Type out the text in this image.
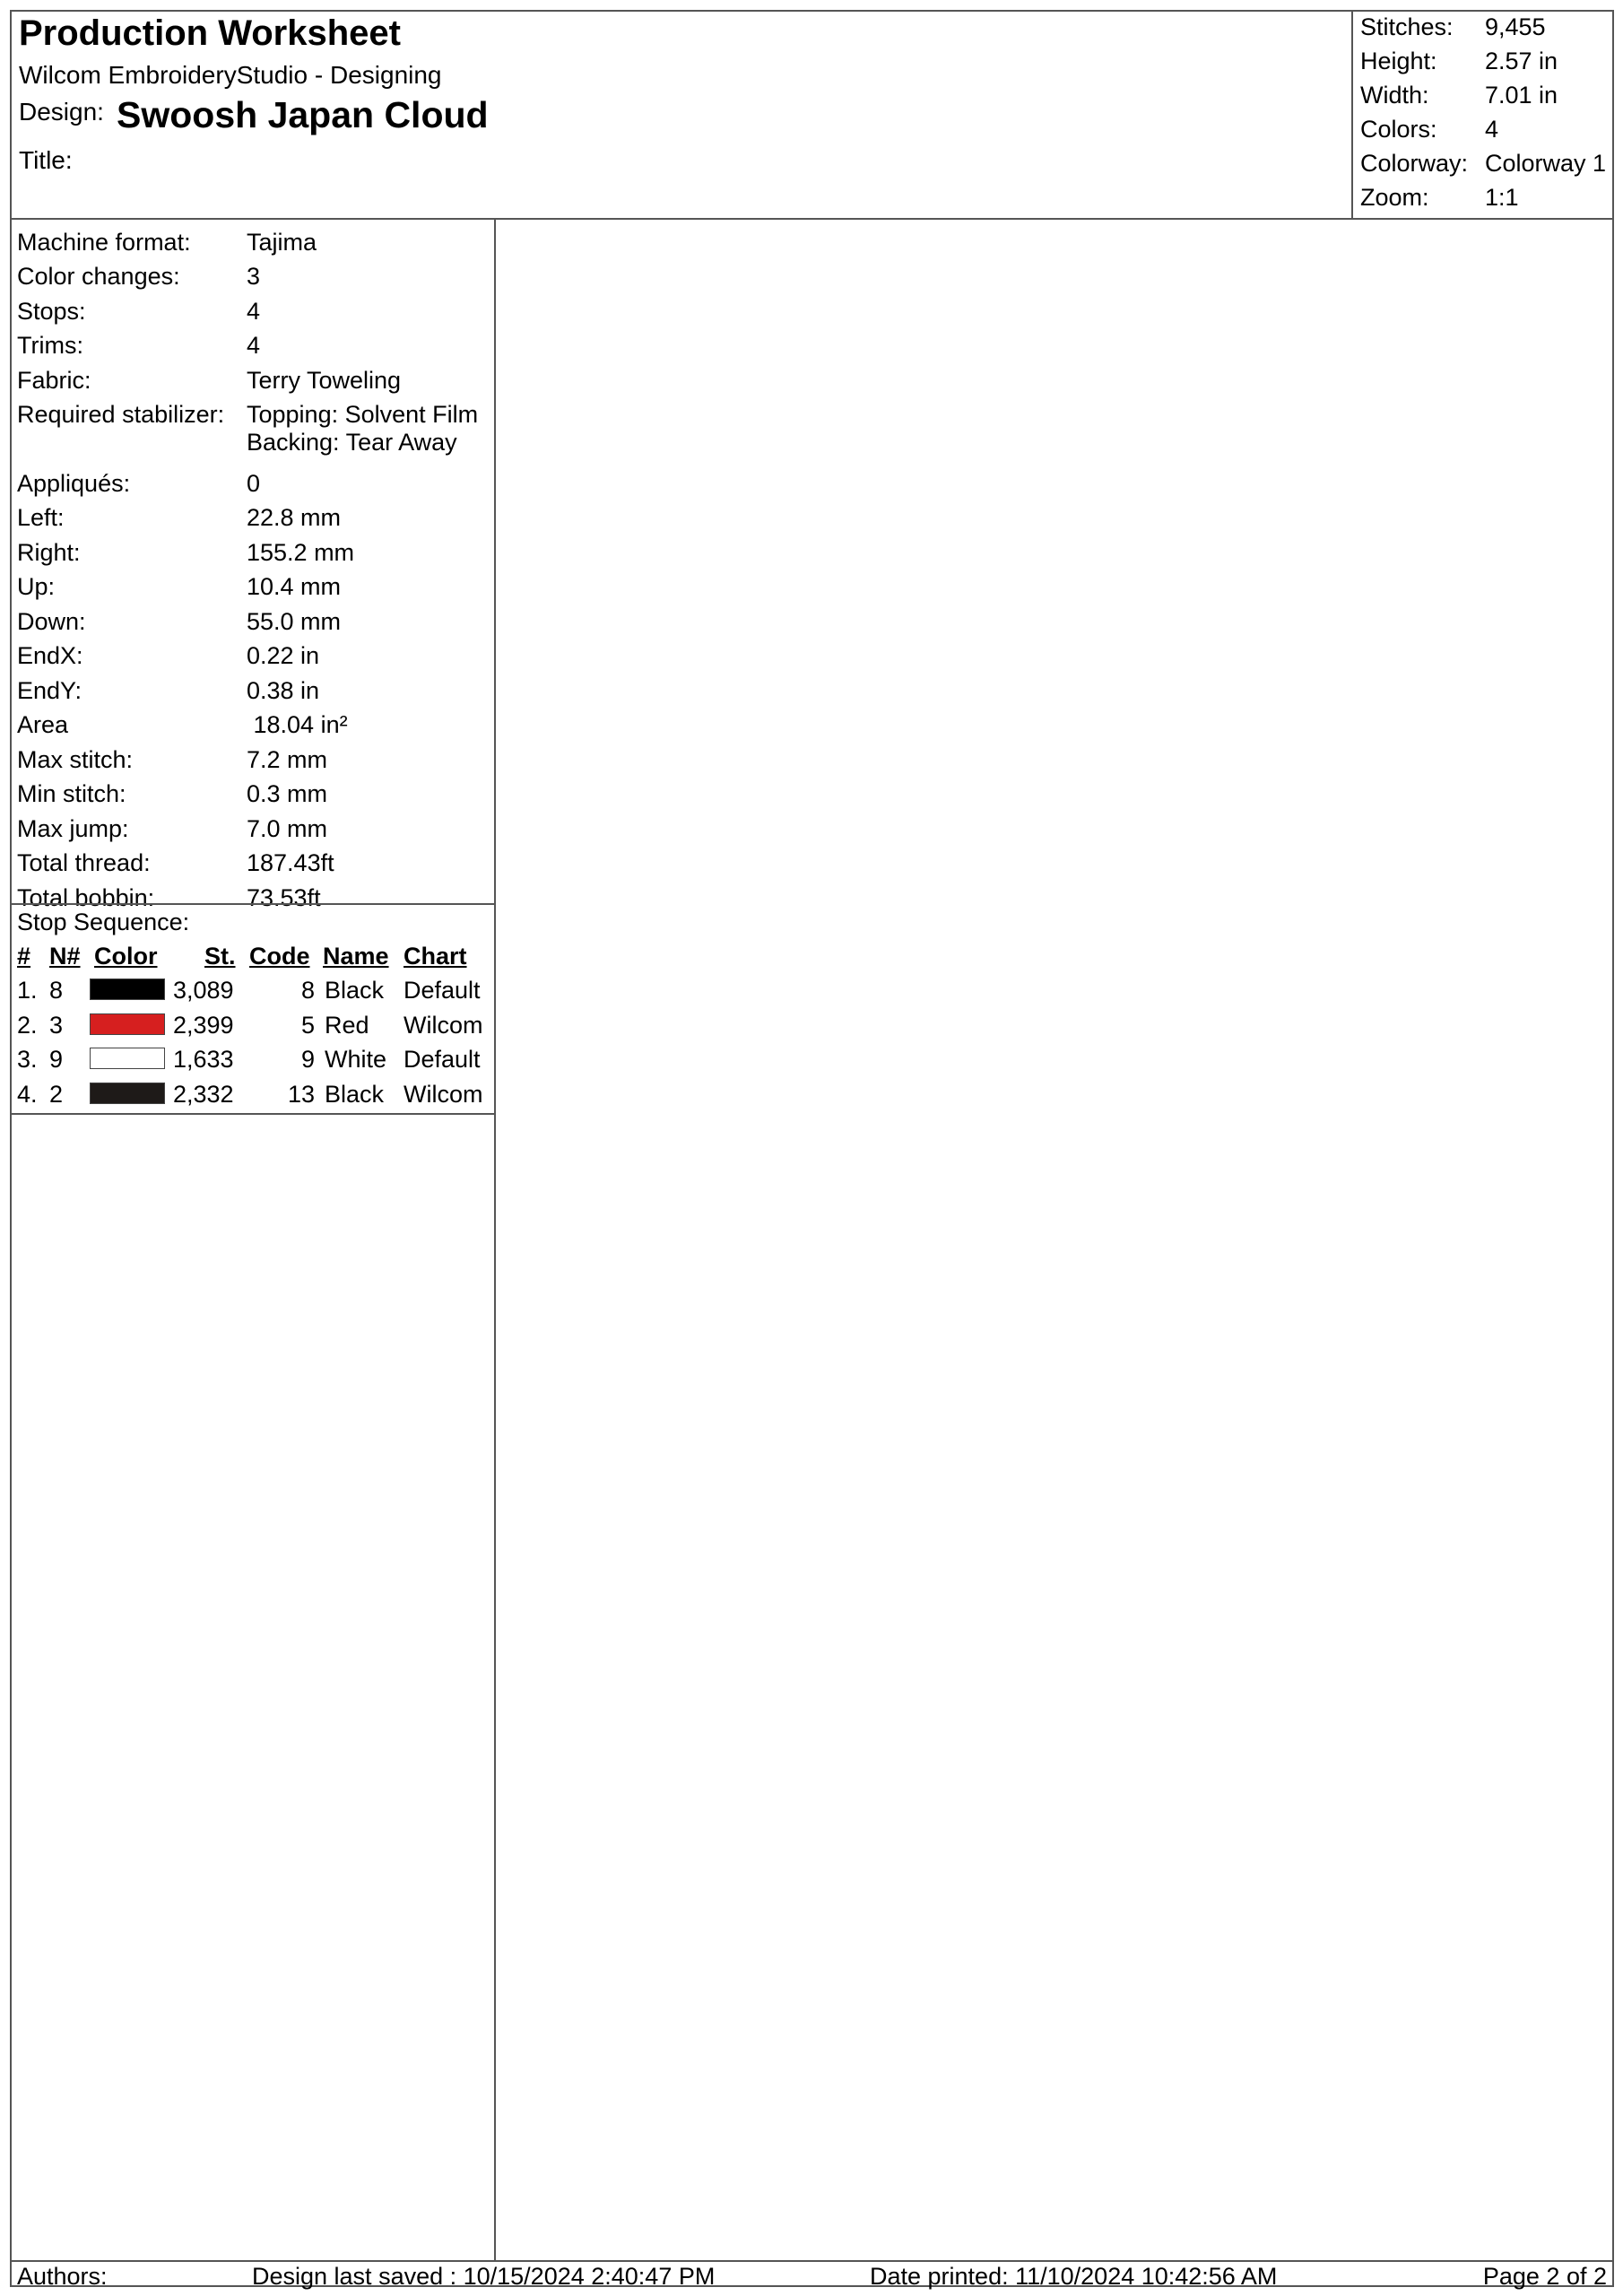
Production Worksheet
Wilcom EmbroideryStudio - Designing
Design: Swoosh Japan Cloud
Title:
Stitches: 9,455
Height: 2.57 in
Width: 7.01 in
Colors: 4
Colorway: Colorway 1
Zoom: 1:1
Machine format:	Tajima
Color changes:	3
Stops:	4
Trims:	4
Fabric:	Terry Toweling
Required stabilizer: Topping: Solvent Film
Backing: Tear Away
Appliqués:	0
Left:	22.8 mm
Right:	155.2 mm
Up:	10.4 mm
Down:	55.0 mm
EndX:	0.22 in
EndY:	0.38 in
Area	18.04 in²
Max stitch:	7.2 mm
Min stitch:	0.3 mm
Max jump:	7.0 mm
Total thread:	187.43ft
Total bobbin:	73.53ft
Stop Sequence:
# N# Color St. Code Name Chart
1. 8	3,089	8 Black Default
2. 3	2,399	5 Red Wilcom
3. 9	1,633	9 White Default
4. 2	2,332 13 Black Wilcom
Authors:	Design last saved : 10/15/2024 2:40:47 PM	Date printed: 11/10/2024 10:42:56 AM	Page 2 of 2
